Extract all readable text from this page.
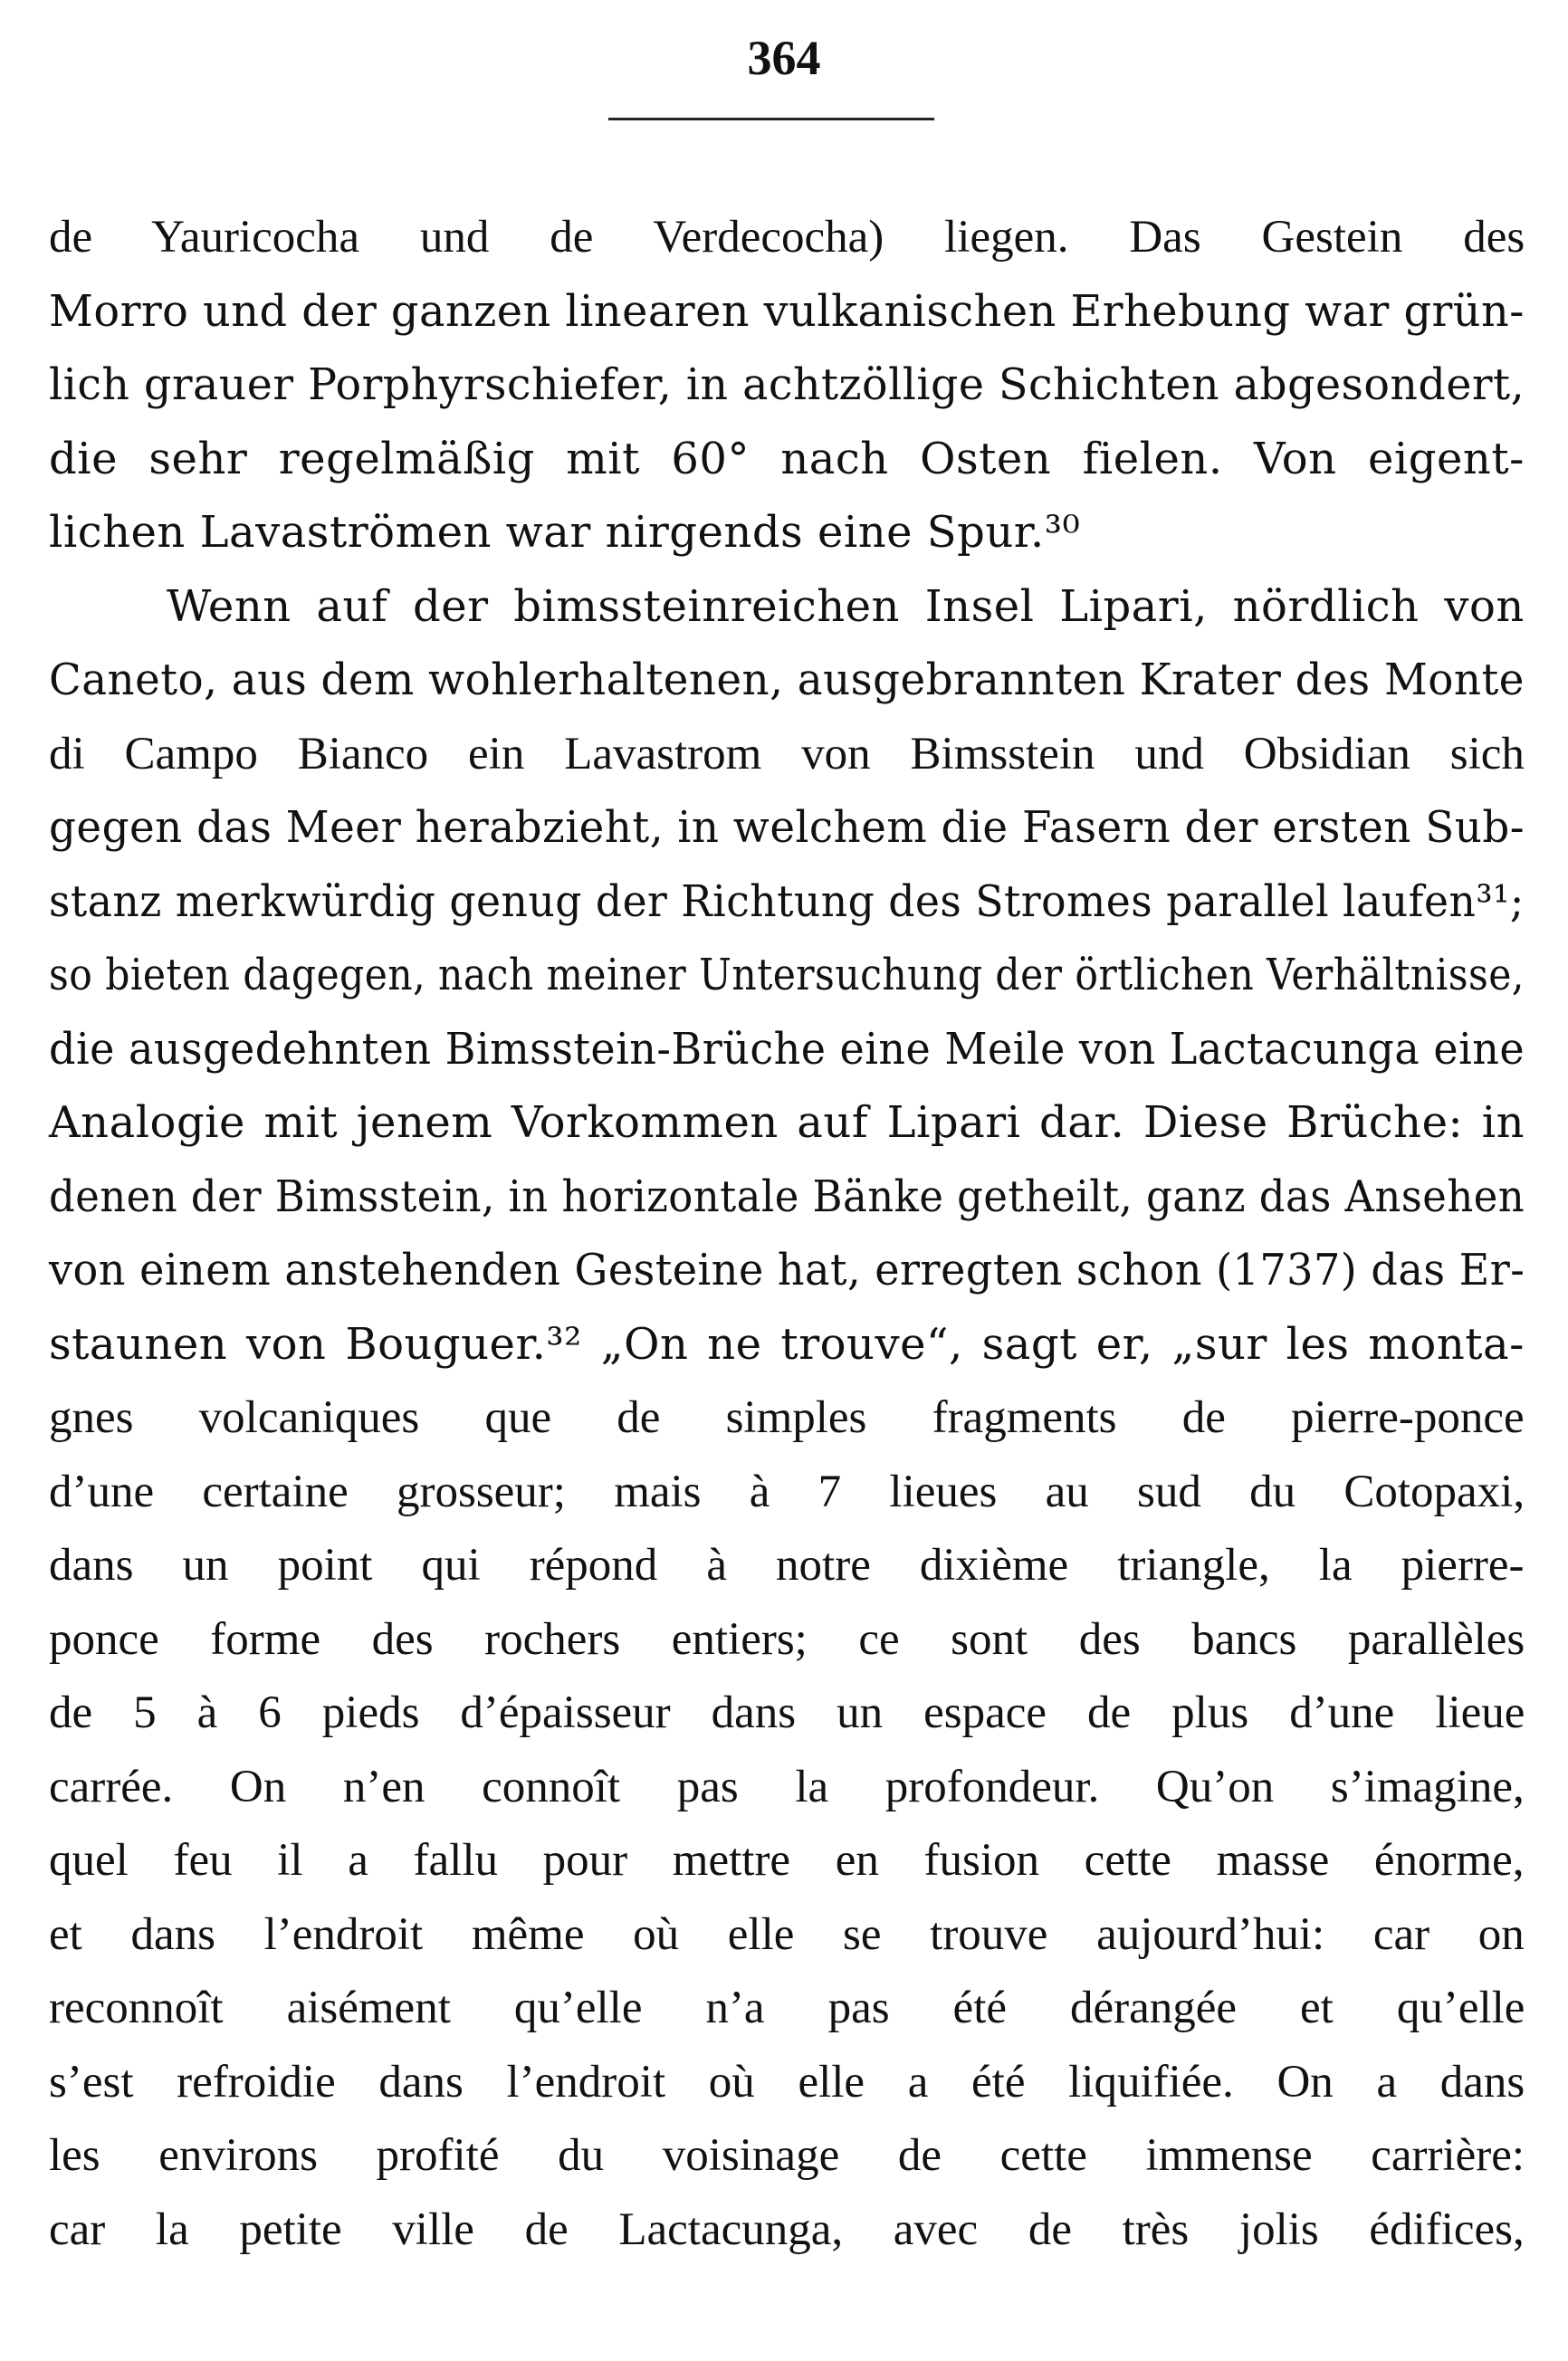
364
de Yauricocha und de Verdecocha) liegen. Das Gestein des
Morro und der ganzen linearen vulkanischen Erhebung war grün-
lich grauer Porphyrschiefer, in achtzöllige Schichten abgesondert,
die sehr regelmäßig mit 60° nach Osten fielen. Von eigent-
lichen Lavaströmen war nirgends eine Spur.³⁰
Wenn auf der bimssteinreichen Insel Lipari, nördlich von
Caneto, aus dem wohlerhaltenen, ausgebrannten Krater des Monte
di Campo Bianco ein Lavastrom von Bimsstein und Obsidian sich
gegen das Meer herabzieht, in welchem die Fasern der ersten Sub-
stanz merkwürdig genug der Richtung des Stromes parallel laufen³¹;
so bieten dagegen, nach meiner Untersuchung der örtlichen Verhältnisse,
die ausgedehnten Bimsstein-Brüche eine Meile von Lactacunga eine
Analogie mit jenem Vorkommen auf Lipari dar. Diese Brüche: in
denen der Bimsstein, in horizontale Bänke getheilt, ganz das Ansehen
von einem anstehenden Gesteine hat, erregten schon (1737) das Er-
staunen von Bouguer.³² „On ne trouve“, sagt er, „sur les monta-
gnes volcaniques que de simples fragments de pierre-ponce
d’une certaine grosseur; mais à 7 lieues au sud du Cotopaxi,
dans un point qui répond à notre dixième triangle, la pierre-
ponce forme des rochers entiers; ce sont des bancs parallèles
de 5 à 6 pieds d’épaisseur dans un espace de plus d’une lieue
carrée. On n’en connoît pas la profondeur. Qu’on s’imagine,
quel feu il a fallu pour mettre en fusion cette masse énorme,
et dans l’endroit même où elle se trouve aujourd’hui: car on
reconnoît aisément qu’elle n’a pas été dérangée et qu’elle
s’est refroidie dans l’endroit où elle a été liquifiée. On a dans
les environs profité du voisinage de cette immense carrière:
car la petite ville de Lactacunga, avec de très jolis édifices,
